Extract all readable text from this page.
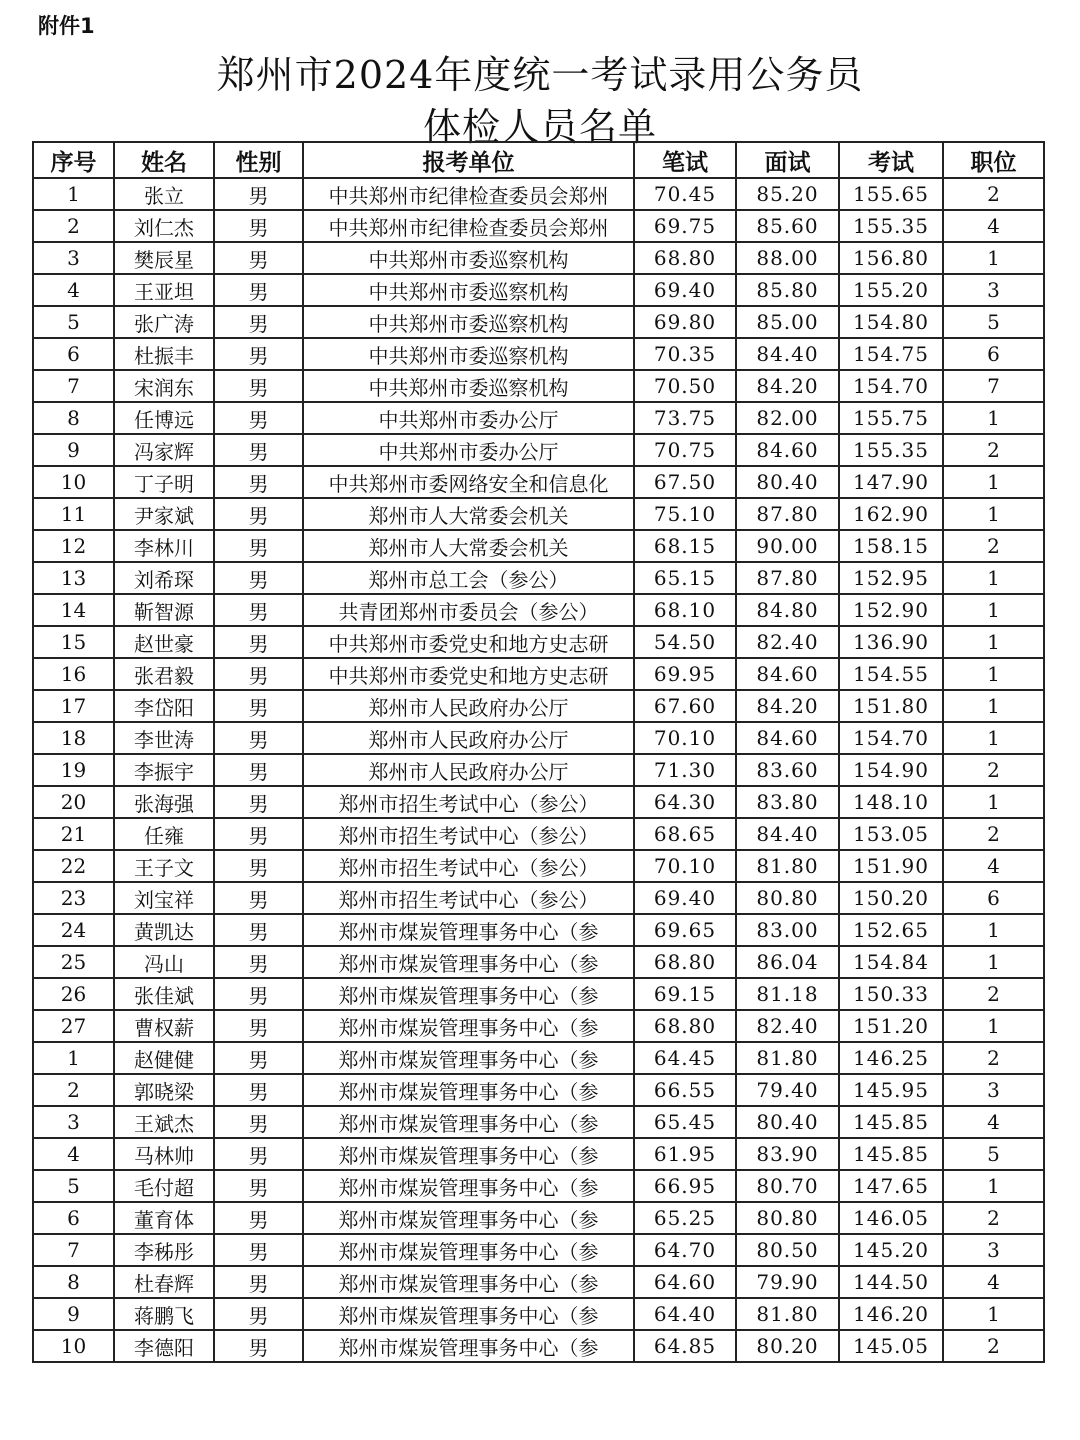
附件1
郑州市2024年度统一考试录用公务员
体检人员名单
序号	姓名	性别	报考单位	笔试	面试	考试	职位
1	张立	男	中共郑州市纪律检查委员会郑州	70.45	85.20	155.65	2
2	刘仁杰	男	中共郑州市纪律检查委员会郑州	69.75	85.60	155.35	4
3	樊辰星	男	中共郑州市委巡察机构	68.80	88.00	156.80	1
4	王亚坦	男	中共郑州市委巡察机构	69.40	85.80	155.20	3
5	张广涛	男	中共郑州市委巡察机构	69.80	85.00	154.80	5
6	杜振丰	男	中共郑州市委巡察机构	70.35	84.40	154.75	6
7	宋润东	男	中共郑州市委巡察机构	70.50	84.20	154.70	7
8	任博远	男	中共郑州市委办公厅	73.75	82.00	155.75	1
9	冯家辉	男	中共郑州市委办公厅	70.75	84.60	155.35	2
10	丁子明	男	中共郑州市委网络安全和信息化	67.50	80.40	147.90	1
11	尹家斌	男	郑州市人大常委会机关	75.10	87.80	162.90	1
12	李林川	男	郑州市人大常委会机关	68.15	90.00	158.15	2
13	刘希琛	男	郑州市总工会（参公）	65.15	87.80	152.95	1
14	靳智源	男	共青团郑州市委员会（参公）	68.10	84.80	152.90	1
15	赵世豪	男	中共郑州市委党史和地方史志研	54.50	82.40	136.90	1
16	张君毅	男	中共郑州市委党史和地方史志研	69.95	84.60	154.55	1
17	李岱阳	男	郑州市人民政府办公厅	67.60	84.20	151.80	1
18	李世涛	男	郑州市人民政府办公厅	70.10	84.60	154.70	1
19	李振宇	男	郑州市人民政府办公厅	71.30	83.60	154.90	2
20	张海强	男	郑州市招生考试中心（参公）	64.30	83.80	148.10	1
21	任雍	男	郑州市招生考试中心（参公）	68.65	84.40	153.05	2
22	王子文	男	郑州市招生考试中心（参公）	70.10	81.80	151.90	4
23	刘宝祥	男	郑州市招生考试中心（参公）	69.40	80.80	150.20	6
24	黄凯达	男	郑州市煤炭管理事务中心（参	69.65	83.00	152.65	1
25	冯山	男	郑州市煤炭管理事务中心（参	68.80	86.04	154.84	1
26	张佳斌	男	郑州市煤炭管理事务中心（参	69.15	81.18	150.33	2
27	曹权薪	男	郑州市煤炭管理事务中心（参	68.80	82.40	151.20	1
1	赵健健	男	郑州市煤炭管理事务中心（参	64.45	81.80	146.25	2
2	郭晓梁	男	郑州市煤炭管理事务中心（参	66.55	79.40	145.95	3
3	王斌杰	男	郑州市煤炭管理事务中心（参	65.45	80.40	145.85	4
4	马林帅	男	郑州市煤炭管理事务中心（参	61.95	83.90	145.85	5
5	毛付超	男	郑州市煤炭管理事务中心（参	66.95	80.70	147.65	1
6	董育体	男	郑州市煤炭管理事务中心（参	65.25	80.80	146.05	2
7	李秭彤	男	郑州市煤炭管理事务中心（参	64.70	80.50	145.20	3
8	杜春辉	男	郑州市煤炭管理事务中心（参	64.60	79.90	144.50	4
9	蒋鹏飞	男	郑州市煤炭管理事务中心（参	64.40	81.80	146.20	1
10	李德阳	男	郑州市煤炭管理事务中心（参	64.85	80.20	145.05	2
